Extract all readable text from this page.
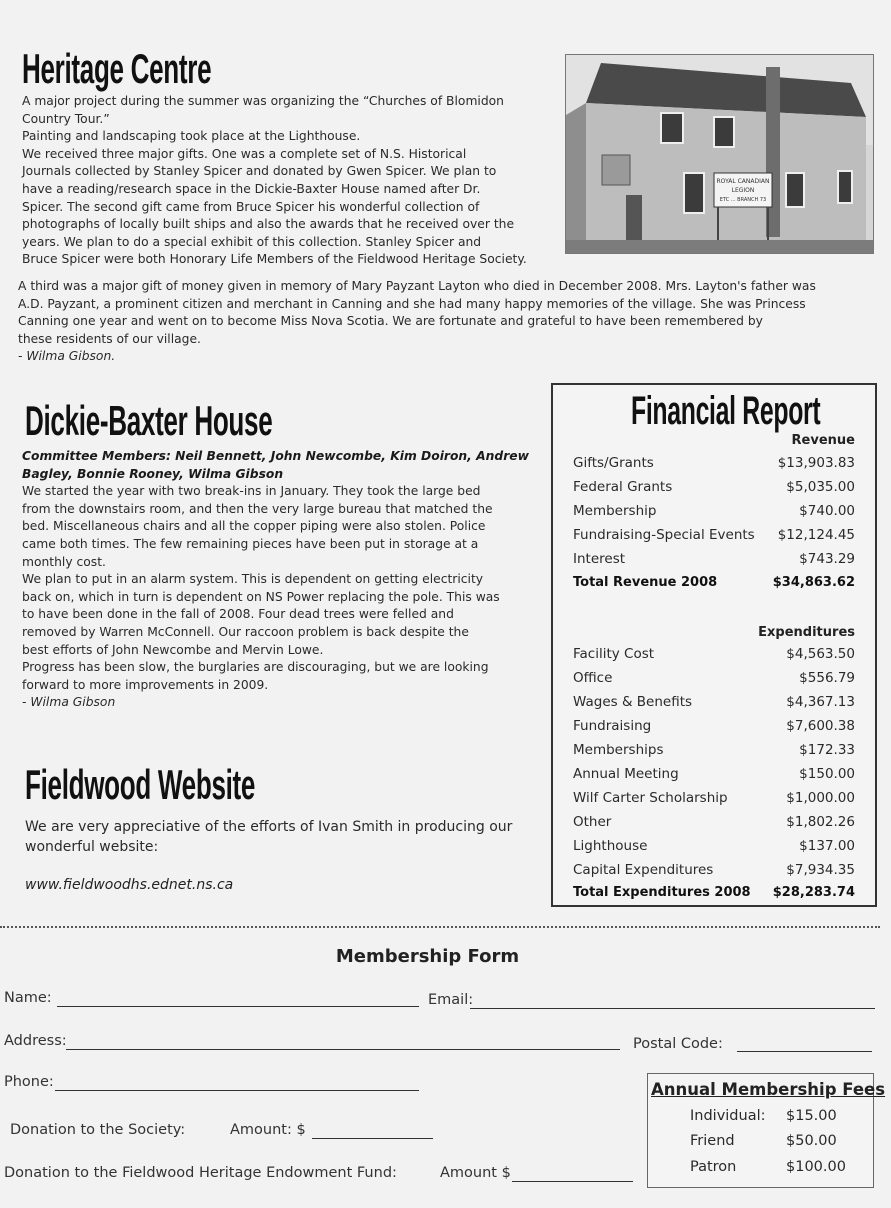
Heritage Centre

A major project during the summer was organizing the “Churches of Blomidon

Country Tour.”

Painting and landscaping took place at the Lighthouse.

We received three major gifts. One was a complete set of N.S. Historical

Journals collected by Stanley Spicer and donated by Gwen Spicer. We plan to

have a reading/research space in the Dickie-Baxter House named after Dr.

Spicer. The second gift came from Bruce Spicer his wonderful collection of

photographs of locally built ships and also the awards that he received over the

years. We plan to do a special exhibit of this collection. Stanley Spicer and

Bruce Spicer were both Honorary Life Members of the Fieldwood Heritage Society.

A third was a major gift of money given in memory of Mary Payzant Layton who died in December 2008. Mrs. Layton's father was

A.D. Payzant, a prominent citizen and merchant in Canning and she had many happy memories of the village. She was Princess

Canning one year and went on to become Miss Nova Scotia. We are fortunate and grateful to have been remembered by

these residents of our village.

- Wilma Gibson.

ROYAL CANADIAN
LEGION
ETC ... BRANCH 73
Dickie-Baxter House

Committee Members: Neil Bennett, John Newcombe, Kim Doiron, Andrew

Bagley, Bonnie Rooney, Wilma Gibson

We started the year with two break-ins in January. They took the large bed

from the downstairs room, and then the very large bureau that matched the

bed. Miscellaneous chairs and all the copper piping were also stolen. Police

came both times. The few remaining pieces have been put in storage at a

monthly cost.

We plan to put in an alarm system. This is dependent on getting electricity

back on, which in turn is dependent on NS Power replacing the pole. This was

to have been done in the fall of 2008. Four dead trees were felled and

removed by Warren McConnell. Our raccoon problem is back despite the

best efforts of John Newcombe and Mervin Lowe.

Progress has been slow, the burglaries are discouraging, but we are looking

forward to more improvements in 2009.

- Wilma Gibson

Fieldwood Website

We are very appreciative of the efforts of Ivan Smith in producing our

wonderful website:

www.fieldwoodhs.ednet.ns.ca
Financial Report
Revenue
Gifts/Grants	$13,903.83
Federal Grants	$5,035.00
Membership	$740.00
Fundraising-Special Events $12,124.45
Interest	$743.29
Total Revenue 2008	$34,863.62
Expenditures
Facility Cost	$4,563.50
Office	$556.79
Wages & Benefits	$4,367.13
Fundraising	$7,600.38
Memberships	$172.33
Annual Meeting	$150.00
Wilf Carter Scholarship	$1,000.00
Other	$1,802.26
Lighthouse	$137.00
Capital Expenditures	$7,934.35
Total Expenditures 2008 $28,283.74
Membership Form
Name:	Email:
Address:	Postal Code:
Phone:
Donation to the Society:	Amount: $
Donation to the Fieldwood Heritage Endowment Fund:	Amount $
Annual Membership Fees
Individual: $15.00
Friend	$50.00
Patron	$100.00
